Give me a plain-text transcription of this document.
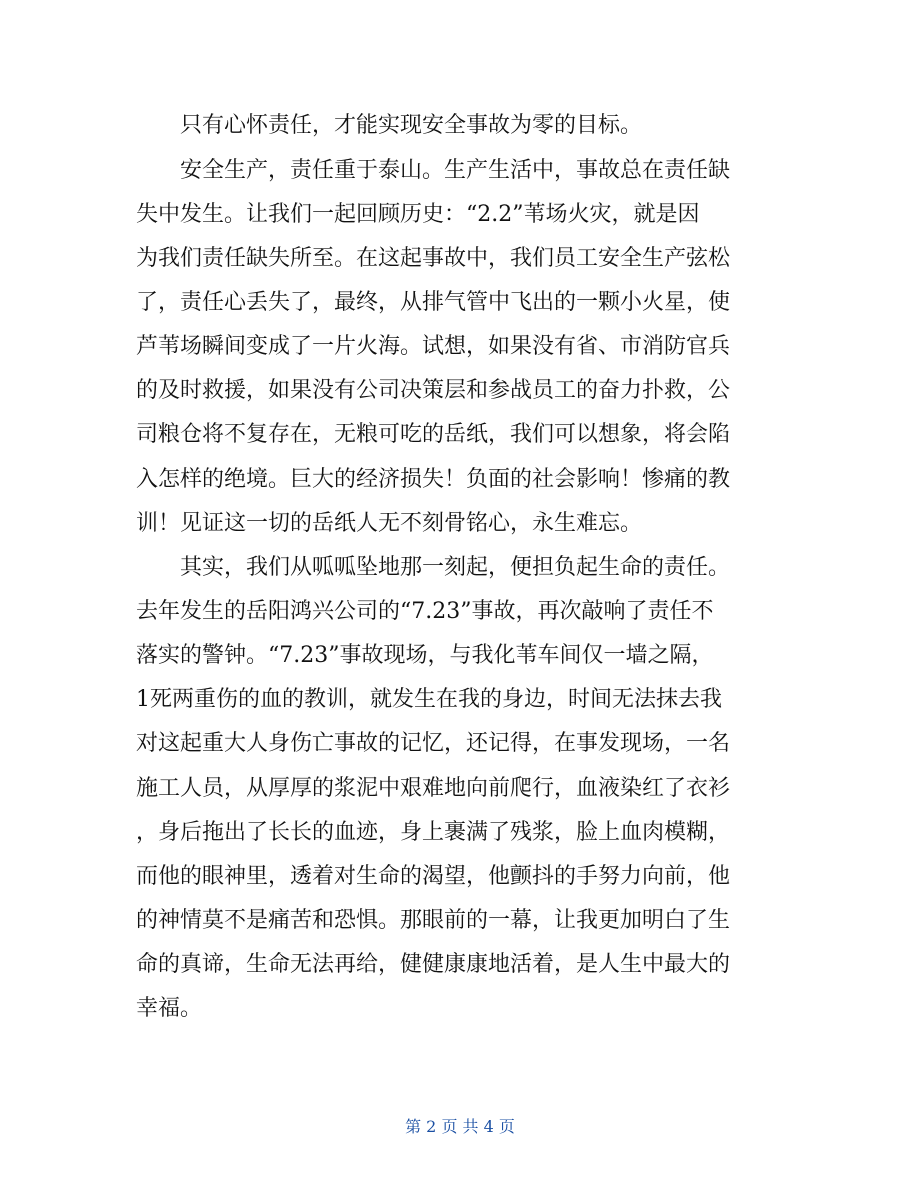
只有心怀责任，才能实现安全事故为零的目标。
安全生产，责任重于泰山。生产生活中，事故总在责任缺
失中发生。让我们一起回顾历史：“2.2”苇场火灾，就是因
为我们责任缺失所至。在这起事故中，我们员工安全生产弦松
了，责任心丢失了，最终，从排气管中飞出的一颗小火星，使
芦苇场瞬间变成了一片火海。试想，如果没有省、市消防官兵
的及时救援，如果没有公司决策层和参战员工的奋力扑救，公
司粮仓将不复存在，无粮可吃的岳纸，我们可以想象，将会陷
入怎样的绝境。巨大的经济损失！负面的社会影响！惨痛的教
训！见证这一切的岳纸人无不刻骨铭心，永生难忘。
其实，我们从呱呱坠地那一刻起，便担负起生命的责任。
去年发生的岳阳鸿兴公司的“7.23”事故，再次敲响了责任不
落实的警钟。“7.23”事故现场，与我化苇车间仅一墙之隔，
1死两重伤的血的教训，就发生在我的身边，时间无法抹去我
对这起重大人身伤亡事故的记忆，还记得，在事发现场，一名
施工人员，从厚厚的浆泥中艰难地向前爬行，血液染红了衣衫
，身后拖出了长长的血迹，身上裹满了残浆，脸上血肉模糊，
而他的眼神里，透着对生命的渴望，他颤抖的手努力向前，他
的神情莫不是痛苦和恐惧。那眼前的一幕，让我更加明白了生
命的真谛，生命无法再给，健健康康地活着，是人生中最大的
幸福。
第 2 页 共 4 页
